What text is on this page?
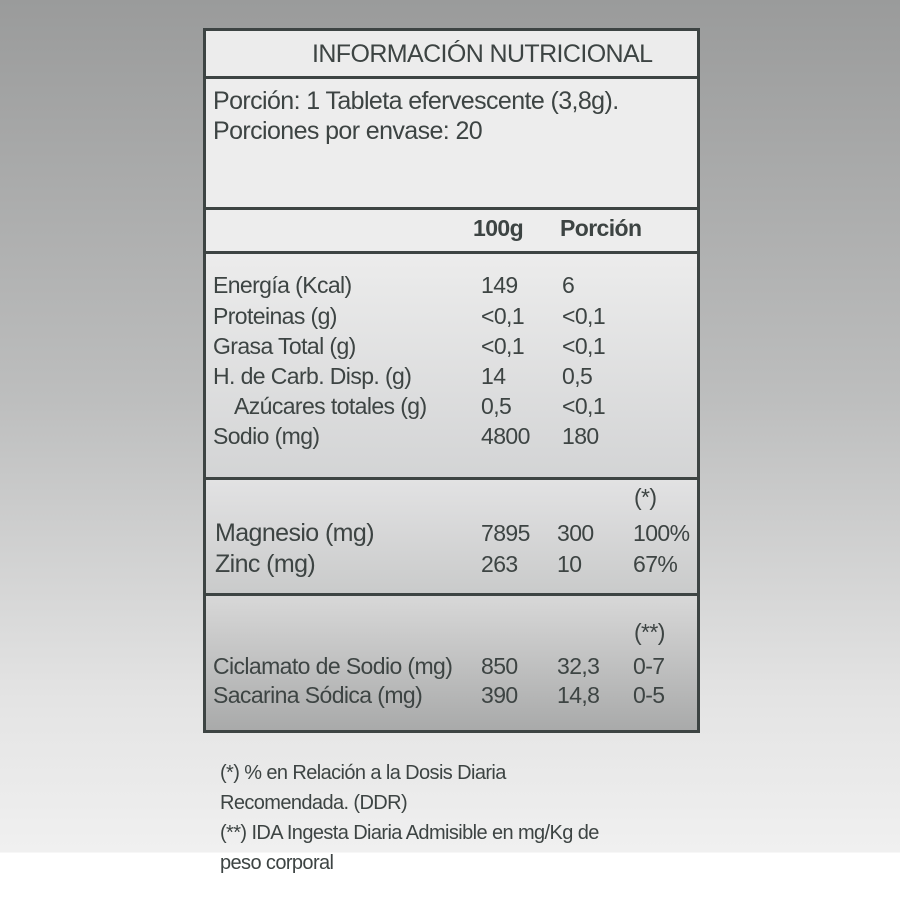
INFORMACIÓN NUTRICIONAL
Porción: 1 Tableta efervescente (3,8g).
Porciones por envase: 20
100g Porción
Energía (Kcal)	149 6
Proteinas (g)	<0,1 <0,1
Grasa Total (g)	<0,1 <0,1
H. de Carb. Disp. (g)	14 0,5
Azúcares totales (g) 0,5 <0,1
Sodio (mg)	4800 180
(*)
Magnesio (mg)	7895 300 100%
Zinc (mg)	263 10 67%
(**)
Ciclamato de Sodio (mg) 850 32,3 0-7
Sacarina Sódica (mg)	390 14,8 0-5
(*) % en Relación a la Dosis Diaria
Recomendada. (DDR)
(**) IDA Ingesta Diaria Admisible en mg/Kg de
peso corporal
